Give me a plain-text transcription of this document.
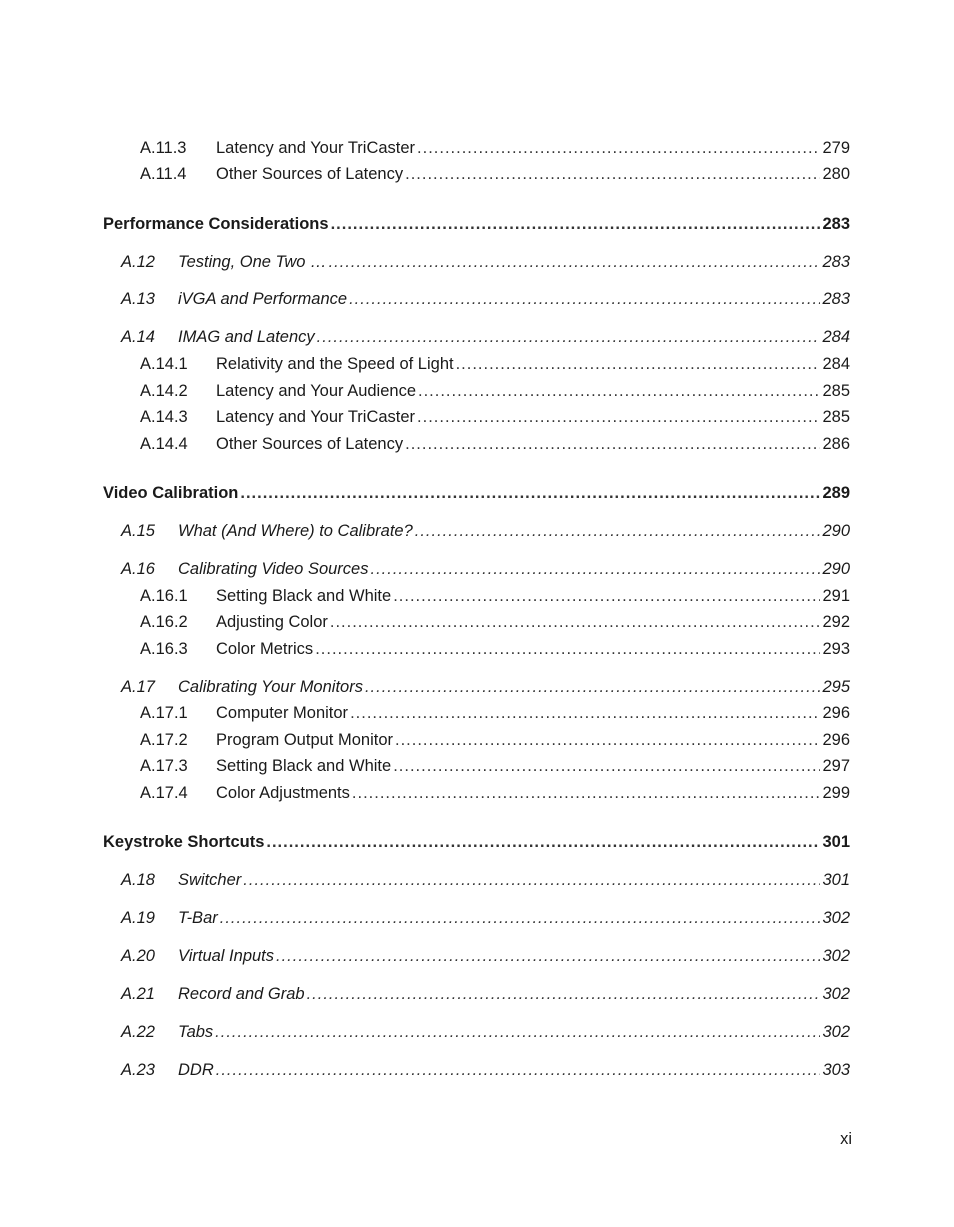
A.11.3	Latency and Your TriCaster .....	279
A.11.4	Other Sources of Latency .....	280
Performance Considerations .....	283
A.12	Testing, One Two … .....	283
A.13	iVGA and Performance .....	283
A.14	IMAG and Latency .....	284
A.14.1	Relativity and the Speed of Light .....	284
A.14.2	Latency and Your Audience .....	285
A.14.3	Latency and Your TriCaster .....	285
A.14.4	Other Sources of Latency .....	286
Video Calibration .....	289
A.15	What (And Where) to Calibrate? .....	290
A.16	Calibrating Video Sources .....	290
A.16.1	Setting Black and White .....	291
A.16.2	Adjusting Color .....	292
A.16.3	Color Metrics .....	293
A.17	Calibrating Your Monitors .....	295
A.17.1	Computer Monitor .....	296
A.17.2	Program Output Monitor .....	296
A.17.3	Setting Black and White .....	297
A.17.4	Color Adjustments .....	299
Keystroke Shortcuts .....	301
A.18	Switcher .....	301
A.19	T-Bar .....	302
A.20	Virtual Inputs .....	302
A.21	Record and Grab .....	302
A.22	Tabs .....	302
A.23	DDR .....	303
xi
